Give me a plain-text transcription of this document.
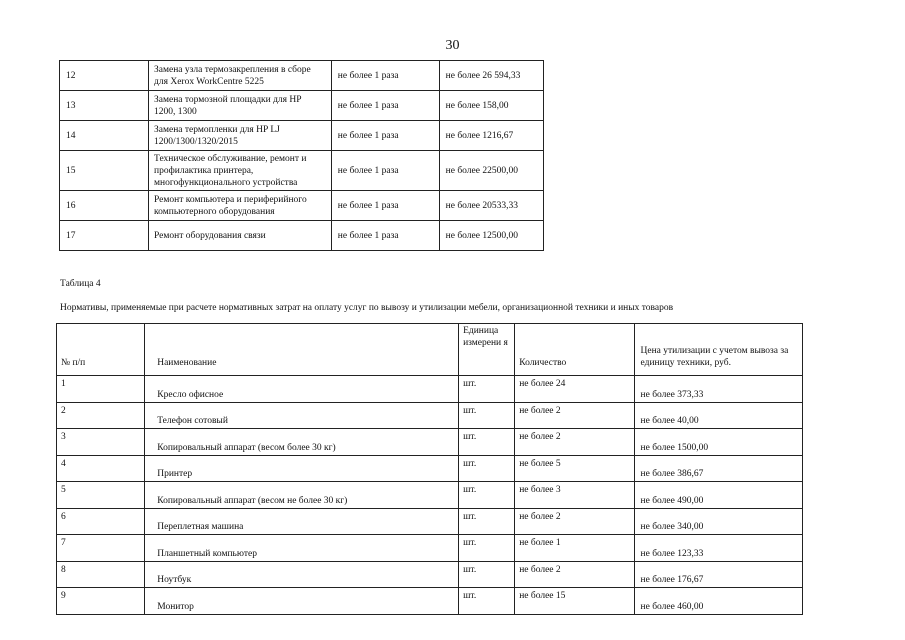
30
12	Замена узла термозакрепления в сборе для Xerox WorkCentre 5225	не более 1 раза	не более 26 594,33
13	Замена тормозной площадки для HP 1200, 1300	не более 1 раза	не более 158,00
14	Замена термопленки для HP LJ 1200/1300/1320/2015	не более 1 раза	не более 1216,67
15	Техническое обслуживание, ремонт и профилактика принтера, многофункционального устройства	не более 1 раза	не более 22500,00
16	Ремонт компьютера и периферийного компьютерного оборудования	не более 1 раза	не более 20533,33
17	Ремонт оборудования связи	не более 1 раза	не более 12500,00
Таблица 4
Нормативы, применяемые при расчете нормативных затрат на оплату услуг по вывозу и утилизации мебели, организационной техники и иных товаров
№ п/п	Наименование	Единица измерени я	Количество	Цена утилизации с учетом вывоза за единицу техники, руб.
1	Кресло офисное	шт.	не более 24	не более 373,33
2	Телефон сотовый	шт.	не более 2	не более 40,00
3	Копировальный аппарат (весом более 30 кг)	шт.	не более 2	не более 1500,00
4	Принтер	шт.	не более 5	не более 386,67
5	Копировальный аппарат (весом не более 30 кг)	шт.	не более 3	не более 490,00
6	Переплетная машина	шт.	не более 2	не более 340,00
7	Планшетный компьютер	шт.	не более 1	не более 123,33
8	Ноутбук	шт.	не более 2	не более 176,67
9	Монитор	шт.	не более 15	не более 460,00
